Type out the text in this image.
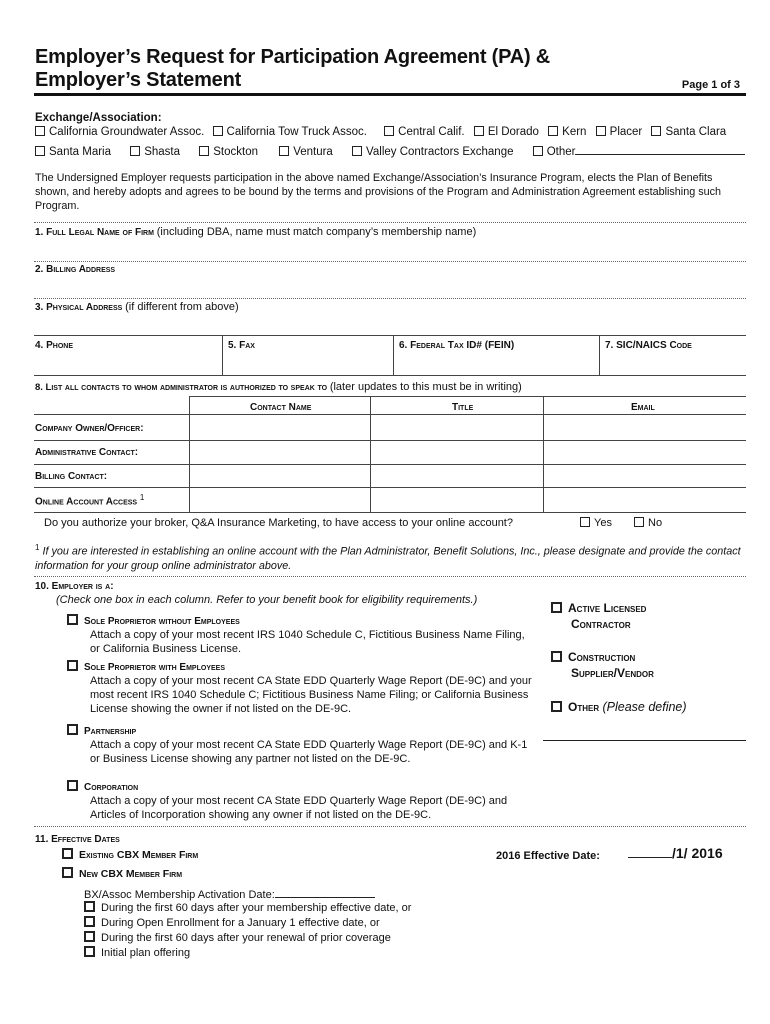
Employer’s Request for Participation Agreement (PA) &
Employer’s Statement	Page 1 of 3
Exchange/Association:
California Groundwater Assoc. California Tow Truck Assoc.	Central Calif. El Dorado Kern Placer Santa Clara
Santa Maria	Shasta	Stockton	Ventura	Valley Contractors Exchange	Other
The Undersigned Employer requests participation in the above named Exchange/Association’s Insurance Program, elects the Plan of Benefits shown, and hereby adopts and agrees to be bound by the terms and provisions of the Program and Administration Agreement establishing such Program.
1. Full Legal Name of Firm (including DBA, name must match company’s membership name)
2. Billing Address
3. Physical Address (if different from above)
4. Phone	5. Fax	6. Federal Tax ID# (FEIN)	7. SIC/NAICS Code
8. List all contacts to whom administrator is authorized to speak to (later updates to this must be in writing)
Contact Name	Title	Email
Company Owner/Officer:
Administrative Contact:
Billing Contact:
Online Account Access $^1$
Do you authorize your broker, Q&A Insurance Marketing, to have access to your online account?	Yes	No
$^1$ If you are interested in establishing an online account with the Plan Administrator, Benefit Solutions, Inc., please designate and provide the contact information for your group online administrator above.
10. Employer is a:
(Check one box in each column. Refer to your benefit book for eligibility requirements.)
Sole Proprietor without Employees
Attach a copy of your most recent IRS 1040 Schedule C, Fictitious Business Name Filing, or California Business License.
Sole Proprietor with Employees
Attach a copy of your most recent CA State EDD Quarterly Wage Report (DE-9C) and your most recent IRS 1040 Schedule C; Fictitious Business Name Filing; or California Business License showing the owner if not listed on the DE-9C.
Partnership
Attach a copy of your most recent CA State EDD Quarterly Wage Report (DE-9C) and K-1 or Business License showing any partner not listed on the DE-9C.
Corporation
Attach a copy of your most recent CA State EDD Quarterly Wage Report (DE-9C) and Articles of Incorporation showing any owner if not listed on the DE-9C.
Active Licensed
Contractor
Construction
Supplier/Vendor
Other (Please define)
11. Effective Dates
Existing CBX Member Firm
New CBX Member Firm
2016 Effective Date:	/1/ 2016
BX/Assoc Membership Activation Date:
During the first 60 days after your membership effective date, or
During Open Enrollment for a January 1 effective date, or
During the first 60 days after your renewal of prior coverage
Initial plan offering
